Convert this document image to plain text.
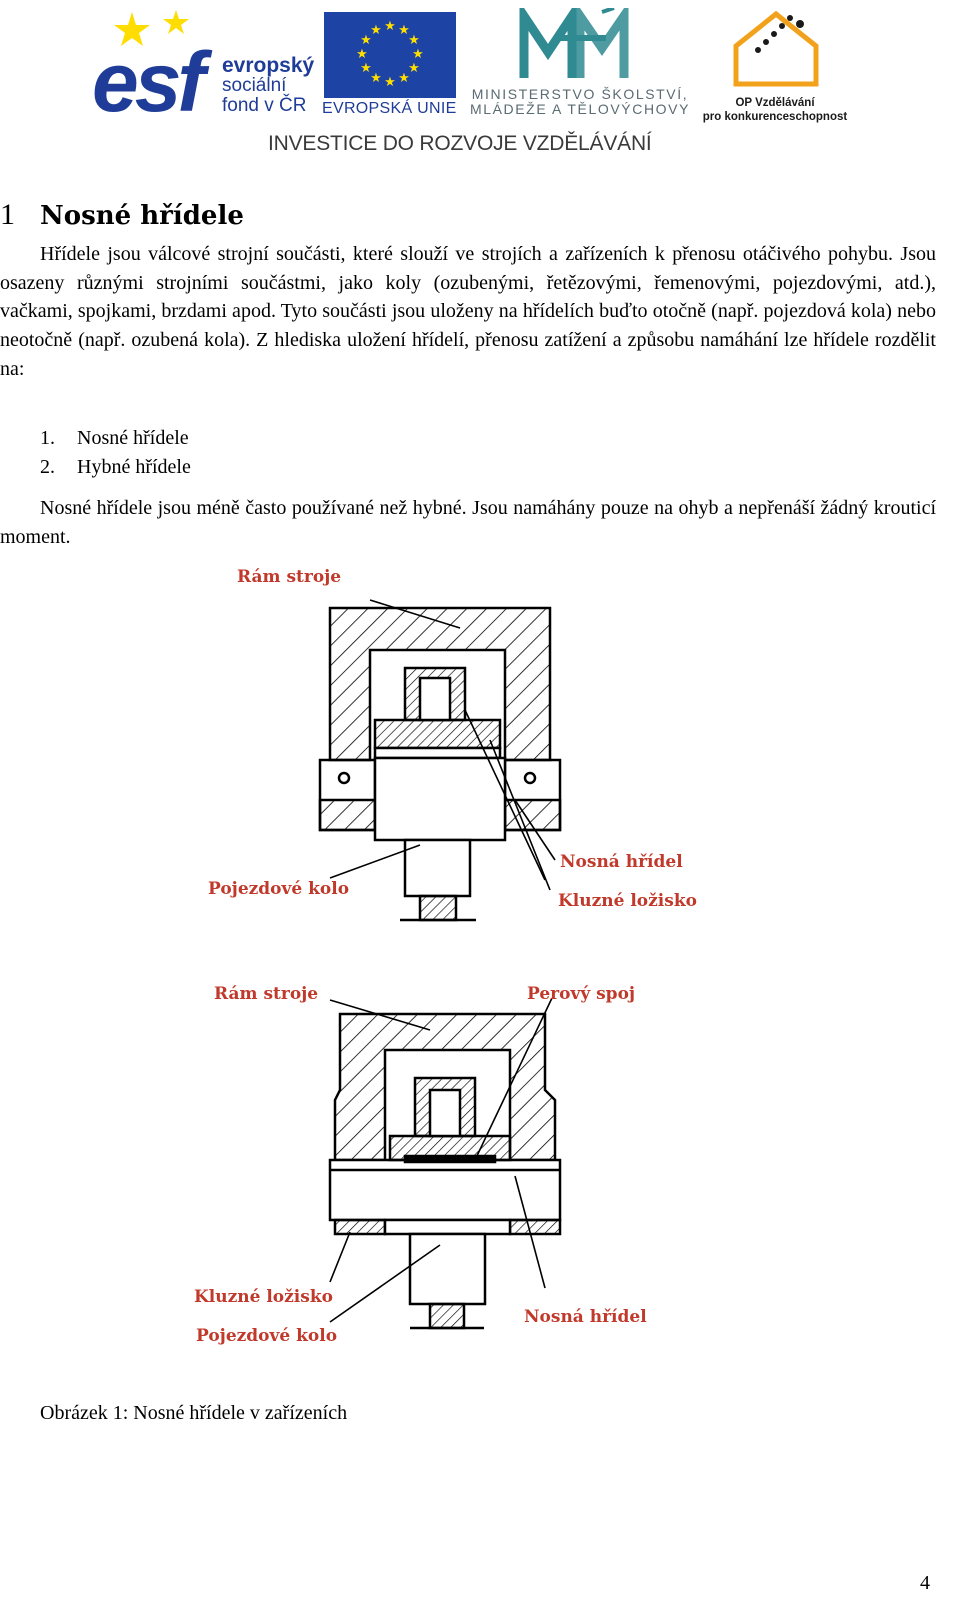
esf evropský
sociální
fond v ČR
★ ★
★
★
★
★
★
★
★
★
★
★
EVROPSKÁ UNIE
MINISTERSTVO ŠKOLSTVÍ,
MLÁDEŽE A TĚLOVÝCHOVY	OP Vzdělávání
pro konkurenceschopnost
INVESTICE DO ROZVOJE VZDĚLÁVÁNÍ
1 Nosné hřídele
Hřídele jsou válcové strojní součásti, které slouží ve strojích a zařízeních k přenosu otáčivého pohybu. Jsou osazeny různými strojními součástmi, jako koly (ozubenými, řetězovými, řemenovými, pojezdovými, atd.), vačkami, spojkami, brzdami apod. Tyto součásti jsou uloženy na hřídelích buďto otočně (např. pojezdová kola) nebo neotočně (např. ozubená kola). Z hlediska uložení hřídelí, přenosu zatížení a způsobu namáhání lze hřídele rozdělit na:
1. Nosné hřídele
2. Hybné hřídele
Nosné hřídele jsou méně často používané než hybné. Jsou namáhány pouze na ohyb a nepřenáší žádný krouticí moment.
Rám stroje
Nosná hřídel
Pojezdové kolo
Kluzné ložisko
Rám stroje	Perový spoj
Kluzné ložisko
Pojezdové kolo
Nosná hřídel
Obrázek 1: Nosné hřídele v zařízeních
4
